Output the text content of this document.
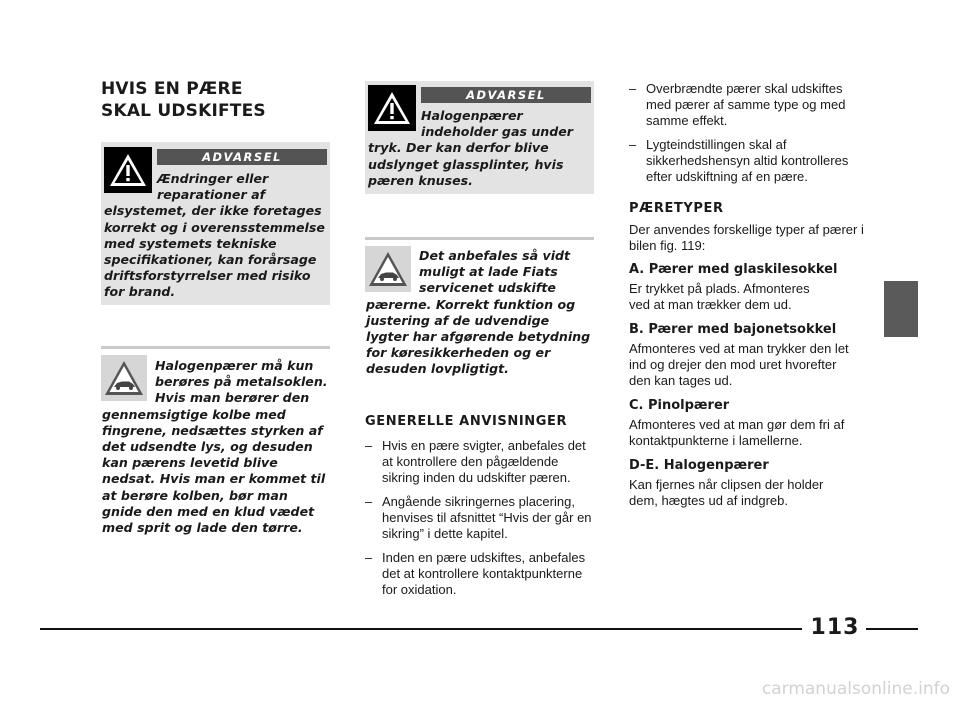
HVIS EN PÆRE
SKAL UDSKIFTES
ADVARSEL

Ændringer eller
reparationer af
elsystemet, der ikke foretages korrekt og i overensstemmelse med systemets tekniske specifikationer, kan forårsage driftsforstyrrelser med risiko for brand.

Halogenpærer må kun
berøres på metalsoklen.
Hvis man berører den
gennemsigtige kolbe med fingrene, nedsættes styrken af det udsendte lys, og desuden kan pærens levetid blive nedsat. Hvis man er kommet til at berøre kolben, bør man gnide den med en klud vædet med sprit og lade den tørre.

ADVARSEL

Halogenpærer
indeholder gas under
tryk. Der kan derfor blive udslynget glassplinter, hvis pæren knuses.

Det anbefales så vidt
muligt at lade Fiats
servicenet udskifte
pærerne. Korrekt funktion og justering af de udvendige lygter har afgørende betydning for køresikkerheden og er desuden lovpligtigt.

GENERELLE ANVISNINGER
– Hvis en pære svigter, anbefales det at kontrollere den pågældende sikring inden du udskifter pæren.
– Angående sikringernes placering, henvises til afsnittet “Hvis der går en sikring” i dette kapitel.
– Inden en pære udskiftes, anbefales det at kontrollere kontaktpunkterne for oxidation.
– Overbrændte pærer skal udskiftes med pærer af samme type og med samme effekt.
– Lygteindstillingen skal af sikkerhedshensyn altid kontrolleres efter udskiftning af en pære.
PÆRETYPER
Der anvendes forskellige typer af pærer i bilen fig. 119:
A. Pærer med glaskilesokkel
Er trykket på plads. Afmonteres ved at man trækker dem ud.
B. Pærer med bajonetsokkel
Afmonteres ved at man trykker den let ind og drejer den mod uret hvorefter den kan tages ud.
C. Pinolpærer
Afmonteres ved at man gør dem fri af kontaktpunkterne i lamellerne.
D-E. Halogenpærer
Kan fjernes når clipsen der holder dem, hægtes ud af indgreb.
113
carmanualsonline.info
